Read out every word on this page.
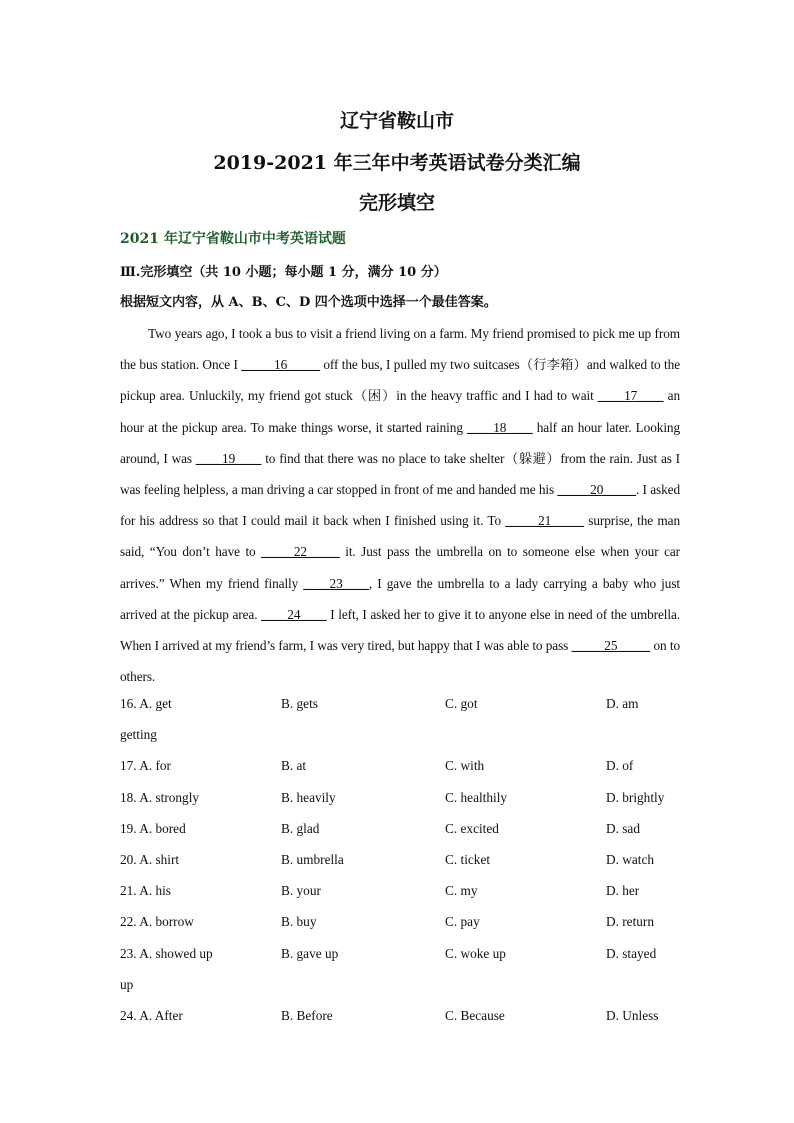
辽宁省鞍山市
2019-2021 年三年中考英语试卷分类汇编
完形填空
2021 年辽宁省鞍山市中考英语试题
Ⅲ.完形填空（共 10 小题；每小题 1 分，满分 10 分）
根据短文内容，从 A、B、C、D 四个选项中选择一个最佳答案。

Two years ago, I took a bus to visit a friend living on a farm. My friend promised to pick me up from the bus station. Once I _____16_____ off the bus, I pulled my two suitcases（行李箱）and walked to the pickup area. Unluckily, my friend got stuck（困）in the heavy traffic and I had to wait ____17____ an hour at the pickup area. To make things worse, it started raining ____18____ half an hour later. Looking around, I was ____19____ to find that there was no place to take shelter（躲避）from the rain. Just as I was feeling helpless, a man driving a car stopped in front of me and handed me his _____20_____. I asked for his address so that I could mail it back when I finished using it. To _____21_____ surprise, the man said, “You don’t have to _____22_____ it. Just pass the umbrella on to someone else when your car arrives.” When my friend finally ____23____, I gave the umbrella to a lady carrying a baby who just arrived at the pickup area. ____24____ I left, I asked her to give it to anyone else in need of the umbrella. When I arrived at my friend’s farm, I was very tired, but happy that I was able to pass _____25_____ on to others.

16. A. get	B. gets	C. got	D. am
getting
17. A. for	B. at	C. with	D. of
18. A. strongly	B. heavily	C. healthily	D. brightly
19. A. bored	B. glad	C. excited	D. sad
20. A. shirt	B. umbrella	C. ticket	D. watch
21. A. his	B. your	C. my	D. her
22. A. borrow	B. buy	C. pay	D. return
23. A. showed up	B. gave up	C. woke up	D. stayed
up
24. A. After	B. Before	C. Because	D. Unless
